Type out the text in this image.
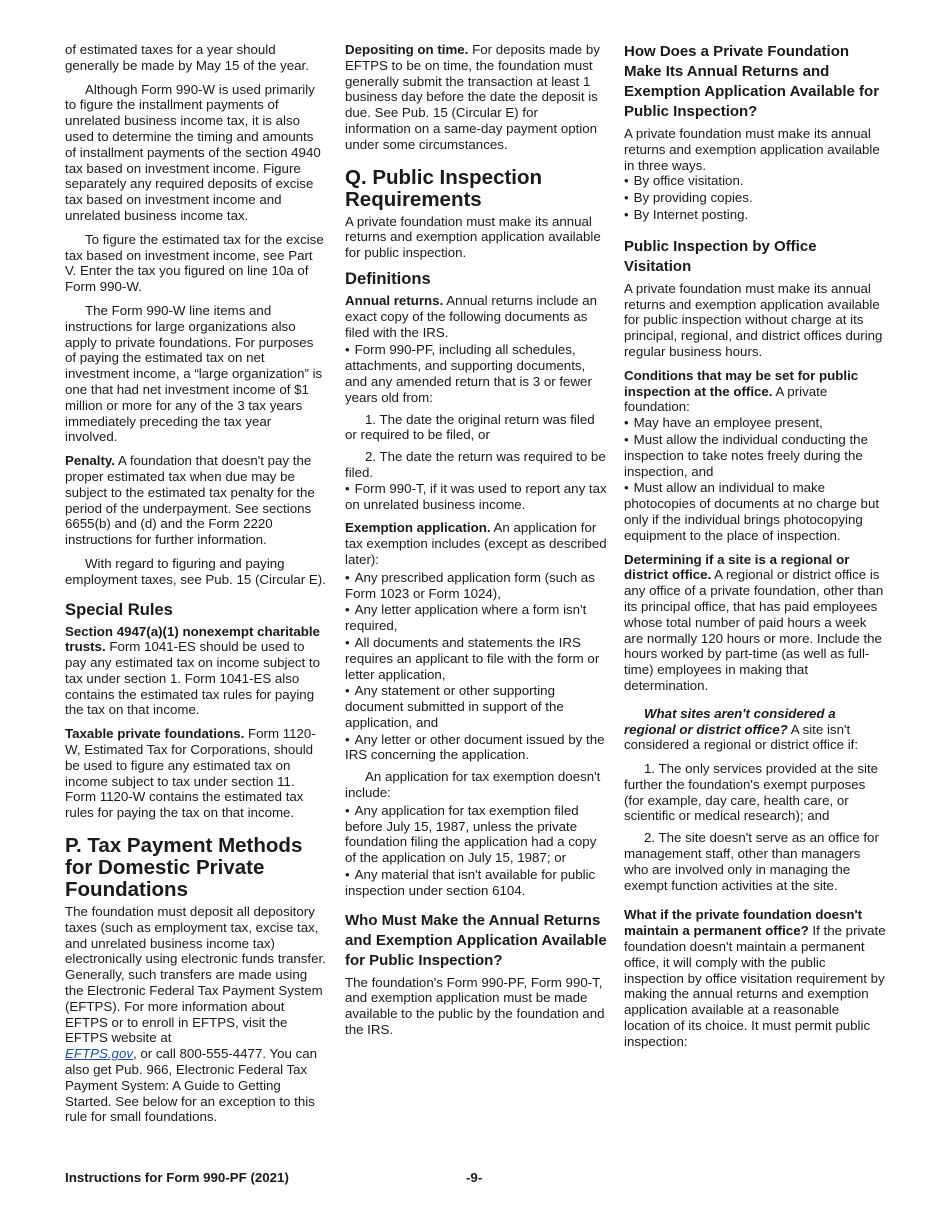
of estimated taxes for a year should generally be made by May 15 of the year.

Although Form 990-W is used primarily to figure the installment payments of unrelated business income tax, it is also used to determine the timing and amounts of installment payments of the section 4940 tax based on investment income. Figure separately any required deposits of excise tax based on investment income and unrelated business income tax.

To figure the estimated tax for the excise tax based on investment income, see Part V. Enter the tax you figured on line 10a of Form 990-W.

The Form 990-W line items and instructions for large organizations also apply to private foundations. For purposes of paying the estimated tax on net investment income, a “large organization” is one that had net investment income of $1 million or more for any of the 3 tax years immediately preceding the tax year involved.

Penalty. A foundation that doesn't pay the proper estimated tax when due may be subject to the estimated tax penalty for the period of the underpayment. See sections 6655(b) and (d) and the Form 2220 instructions for further information.

With regard to figuring and paying employment taxes, see Pub. 15 (Circular E).

Special Rules

Section 4947(a)(1) nonexempt charitable trusts. Form 1041-ES should be used to pay any estimated tax on income subject to tax under section 1. Form 1041-ES also contains the estimated tax rules for paying the tax on that income.

Taxable private foundations. Form 1120-W, Estimated Tax for Corporations, should be used to figure any estimated tax on income subject to tax under section 11. Form 1120-W contains the estimated tax rules for paying the tax on that income.

P. Tax Payment Methods for Domestic Private Foundations

The foundation must deposit all depository taxes (such as employment tax, excise tax, and unrelated business income tax) electronically using electronic funds transfer. Generally, such transfers are made using the Electronic Federal Tax Payment System (EFTPS). For more information about EFTPS or to enroll in EFTPS, visit the EFTPS website at
EFTPS.gov, or call 800-555-4477. You can also get Pub. 966, Electronic Federal Tax Payment System: A Guide to Getting Started. See below for an exception to this rule for small foundations.

Depositing on time. For deposits made by EFTPS to be on time, the foundation must generally submit the transaction at least 1 business day before the date the deposit is due. See Pub. 15 (Circular E) for information on a same-day payment option under some circumstances.

Q. Public Inspection Requirements

A private foundation must make its annual returns and exemption application available for public inspection.

Definitions

Annual returns. Annual returns include an exact copy of the following documents as filed with the IRS.

• Form 990-PF, including all schedules, attachments, and supporting documents, and any amended return that is 3 or fewer years old from:

1. The date the original return was filed or required to be filed, or

2. The date the return was required to be filed.

• Form 990-T, if it was used to report any tax on unrelated business income.

Exemption application. An application for tax exemption includes (except as described later):

• Any prescribed application form (such as Form 1023 or Form 1024),
• Any letter application where a form isn't required,
• All documents and statements the IRS requires an applicant to file with the form or letter application,
• Any statement or other supporting document submitted in support of the application, and
• Any letter or other document issued by the IRS concerning the application.

An application for tax exemption doesn't include:

• Any application for tax exemption filed before July 15, 1987, unless the private foundation filing the application had a copy of the application on July 15, 1987; or
• Any material that isn't available for public inspection under section 6104.
Who Must Make the Annual Returns and Exemption Application Available for Public Inspection?

The foundation's Form 990-PF, Form 990-T, and exemption application must be made available to the public by the foundation and the IRS.

How Does a Private Foundation Make Its Annual Returns and Exemption Application Available for Public Inspection?

A private foundation must make its annual returns and exemption application available in three ways.

• By office visitation.
• By providing copies.
• By Internet posting.
Public Inspection by Office Visitation

A private foundation must make its annual returns and exemption application available for public inspection without charge at its principal, regional, and district offices during regular business hours.

Conditions that may be set for public inspection at the office. A private foundation:

• May have an employee present,
• Must allow the individual conducting the inspection to take notes freely during the inspection, and
• Must allow an individual to make photocopies of documents at no charge but only if the individual brings photocopying equipment to the place of inspection.

Determining if a site is a regional or district office. A regional or district office is any office of a private foundation, other than its principal office, that has paid employees whose total number of paid hours a week are normally 120 hours or more. Include the hours worked by part-time (as well as full-time) employees in making that determination.

What sites aren't considered a regional or district office? A site isn't considered a regional or district office if:

1. The only services provided at the site further the foundation's exempt purposes (for example, day care, health care, or scientific or medical research); and

2. The site doesn't serve as an office for management staff, other than managers who are involved only in managing the exempt function activities at the site.

What if the private foundation doesn't maintain a permanent office? If the private foundation doesn't maintain a permanent office, it will comply with the public inspection by office visitation requirement by making the annual returns and exemption application available at a reasonable location of its choice. It must permit public inspection:

Instructions for Form 990-PF (2021)	-9-
